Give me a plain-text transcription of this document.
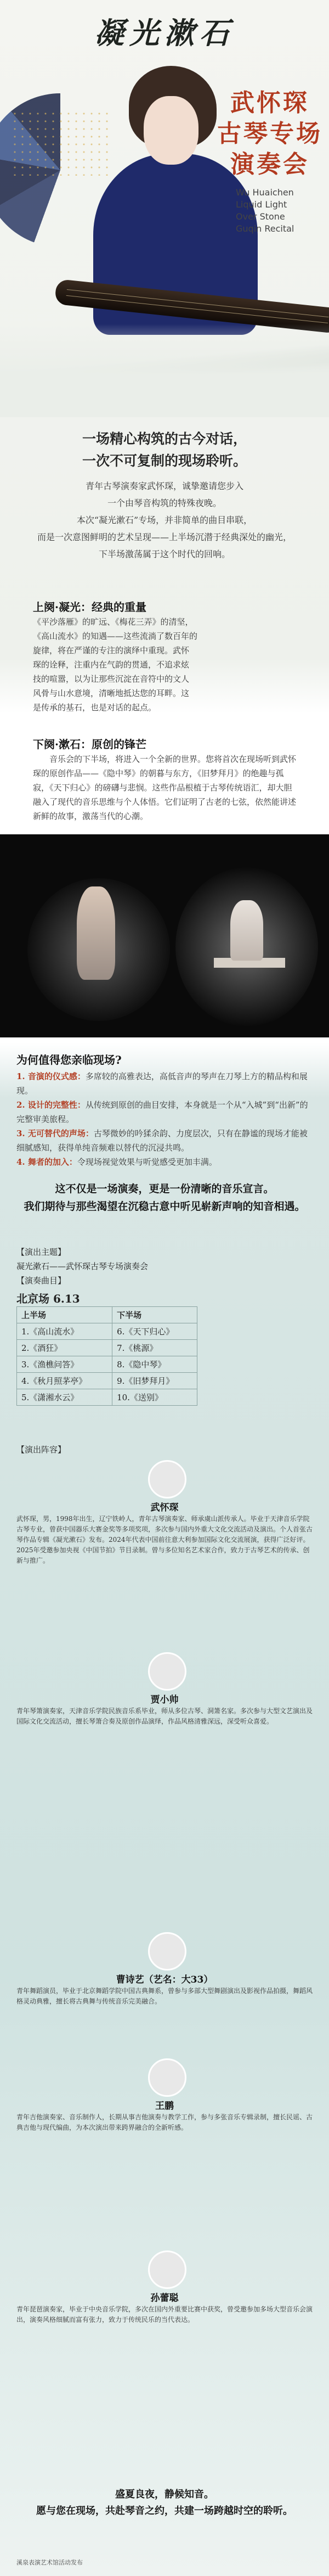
凝光漱石
武怀琛
古琴专场
演奏会
Wu Huaichen
Liquid Light
Over Stone
Guqin Recital
一场精心构筑的古今对话，
一次不可复制的现场聆听。
青年古琴演奏家武怀琛，诚挚邀请您步入
一个由琴音构筑的特殊夜晚。
本次“凝光漱石”专场，并非简单的曲目串联，
而是一次意图鲜明的艺术呈现——上半场沉潜于经典深处的幽光，
下半场激荡属于这个时代的回响。
上阕·凝光：经典的重量
《平沙落雁》的旷远、《梅花三弄》的清坚，
《高山流水》的知遇——这些流淌了数百年的
旋律，将在严谨的专注的演绎中重现。武怀
琛的诠释，注重内在气韵的贯通，不追求炫
技的喧嚣，以为让那些沉淀在音符中的文人
风骨与山水意境，清晰地抵达您的耳畔。这
是传承的基石，也是对话的起点。
下阕·漱石：原创的锋芒
音乐会的下半场，将进入一个全新的世界。您将首次在现场听到武怀琛的原创作品——《隐中琴》的朝暮与东方，《旧梦拜月》的绝趣与孤寂，《天下归心》的磅礴与悲悯。这些作品根植于古琴传统语汇，却大胆融入了现代的音乐思维与个人体悟。它们证明了古老的七弦，依然能讲述新鲜的故事，激荡当代的心潮。
为何值得您亲临现场?
1. 音演的仪式感：多席较的高雅表达，高低音声的琴声在刀琴上方的精品构和展现。
2. 设计的完整性：从传统到原创的曲目安排，本身就是一个从“入城”到“出新”的完整审美旅程。
3. 无可替代的声场：古琴微妙的吟猱余韵、力度层次，只有在静谧的现场才能被细腻感知，获得单纯音频难以替代的沉浸共鸣。
4. 舞者的加入：令现场视觉效果与听觉感受更加丰满。
这不仅是一场演奏，更是一份清晰的音乐宣言。
我们期待与那些渴望在沉稳古意中听见崭新声响的知音相遇。
【演出主题】
凝光漱石——武怀琛古琴专场演奏会
【演奏曲目】
北京场 6.13
上半场	下半场
1.《高山流水》	6.《天下归心》
2.《酒狂》	7.《桃源》
3.《渔樵问答》	8.《隐中琴》
4.《秋月照茅亭》	9.《旧梦拜月》
5.《潇湘水云》	10.《送别》
【演出阵容】
武怀琛
武怀琛，男，1998年出生，辽宁铁岭人，青年古琴演奏家、师承虞山派传承人。毕业于天津音乐学院古琴专业，曾获中国器乐大赛金奖等多项奖项，多次参与国内外重大文化交流活动及演出。个人首张古琴作品专辑《凝光漱石》发布。2024年代表中国前往意大利参加国际文化交流展演，获得广泛好评。2025年受邀参加央视《中国节拍》节目录制。曾与多位知名艺术家合作，致力于古琴艺术的传承、创新与推广。
贾小帅
青年琴箫演奏家，天津音乐学院民族音乐系毕业，师从多位古琴、洞箫名家。多次参与大型文艺演出及国际文化交流活动，擅长琴箫合奏及原创作品演绎，作品风格清雅深远，深受听众喜爱。
曹诗艺（艺名：大33）
青年舞蹈演员，毕业于北京舞蹈学院中国古典舞系，曾参与多部大型舞剧演出及影视作品拍摄，舞蹈风格灵动典雅，擅长将古典舞与传统音乐完美融合。
王鹏
青年吉他演奏家、音乐制作人，长期从事吉他演奏与教学工作，参与多张音乐专辑录制，擅长民谣、古典吉他与现代编曲，为本次演出带来跨界融合的全新听感。
孙蕾聪
青年琵琶演奏家，毕业于中央音乐学院，多次在国内外重要比赛中获奖，曾受邀参加多场大型音乐会演出，演奏风格细腻而富有张力，致力于传统民乐的当代表达。
盛夏良夜，静候知音。
愿与您在现场，共赴琴音之约，共建一场跨越时空的聆听。
溪泉表演艺术馆活动发布
